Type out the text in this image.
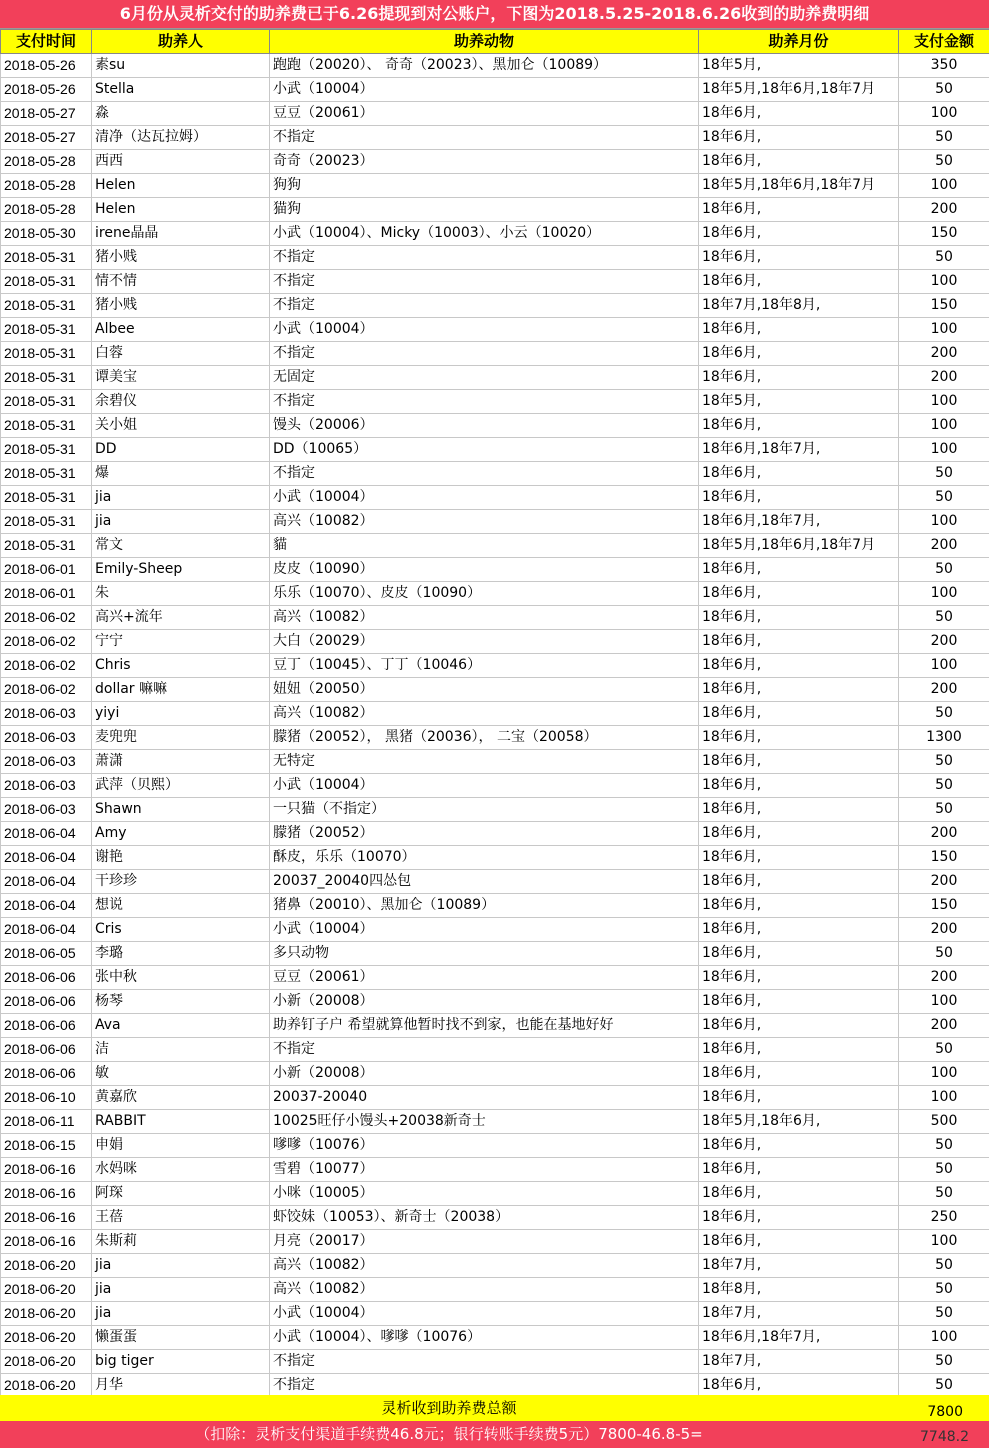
6月份从灵析交付的助养费已于6.26提现到对公账户，下图为2018.5.25-2018.6.26收到的助养费明细
支付时间	助养人	助养动物	助养月份	支付金额
2018-05-26	素su	跑跑（20020）、 奇奇（20023）、黑加仑（10089）	18年5月,	350
2018-05-26	Stella	小武（10004）	18年5月,18年6月,18年7月	50
2018-05-27	淼	豆豆（20061）	18年6月,	100
2018-05-27	清净（达瓦拉姆）	不指定	18年6月,	50
2018-05-28	西西	奇奇（20023）	18年6月,	50
2018-05-28	Helen	狗狗	18年5月,18年6月,18年7月	100
2018-05-28	Helen	猫狗	18年6月,	200
2018-05-30	irene晶晶	小武（10004）、Micky（10003）、小云（10020）	18年6月,	150
2018-05-31	猪小贱	不指定	18年6月,	50
2018-05-31	情不情	不指定	18年6月,	100
2018-05-31	猪小贱	不指定	18年7月,18年8月,	150
2018-05-31	Albee	小武（10004）	18年6月,	100
2018-05-31	白蓉	不指定	18年6月,	200
2018-05-31	谭美宝	无固定	18年6月,	200
2018-05-31	余碧仪	不指定	18年5月,	100
2018-05-31	关小姐	馒头（20006）	18年6月,	100
2018-05-31	DD	DD（10065）	18年6月,18年7月,	100
2018-05-31	爆	不指定	18年6月,	50
2018-05-31	jia	小武（10004）	18年6月,	50
2018-05-31	jia	高兴（10082）	18年6月,18年7月,	100
2018-05-31	常文	貓	18年5月,18年6月,18年7月	200
2018-06-01	Emily-Sheep	皮皮（10090）	18年6月,	50
2018-06-01	朱	乐乐（10070）、皮皮（10090）	18年6月,	100
2018-06-02	高兴+流年	高兴（10082）	18年6月,	50
2018-06-02	宁宁	大白（20029）	18年6月,	200
2018-06-02	Chris	豆丁（10045）、丁丁（10046）	18年6月,	100
2018-06-02	dollar 嘛嘛	妞妞（20050）	18年6月,	200
2018-06-03	yiyi	高兴（10082）	18年6月,	50
2018-06-03	麦兜兜	朦猪（20052）， 黑猪（20036）， 二宝（20058）	18年6月,	1300
2018-06-03	萧潇	无特定	18年6月,	50
2018-06-03	武萍（贝熙）	小武（10004）	18年6月,	50
2018-06-03	Shawn	一只猫（不指定）	18年6月,	50
2018-06-04	Amy	朦猪（20052）	18年6月,	200
2018-06-04	谢艳	酥皮，乐乐（10070）	18年6月,	150
2018-06-04	干珍珍	20037_20040四怂包	18年6月,	200
2018-06-04	想说	猪鼻（20010）、黑加仑（10089）	18年6月,	150
2018-06-04	Cris	小武（10004）	18年6月,	200
2018-06-05	李璐	多只动物	18年6月,	50
2018-06-06	张中秋	豆豆（20061）	18年6月,	200
2018-06-06	杨琴	小新（20008）	18年6月,	100
2018-06-06	Ava	助养钉子户 希望就算他暂时找不到家，也能在基地好好	18年6月,	200
2018-06-06	洁	不指定	18年6月,	50
2018-06-06	敏	小新（20008）	18年6月,	100
2018-06-10	黄嘉欣	20037-20040	18年6月,	100
2018-06-11	RABBIT	10025旺仔小馒头+20038新奇士	18年5月,18年6月,	500
2018-06-15	申娟	嗲嗲（10076）	18年6月,	50
2018-06-16	水妈咪	雪碧（10077）	18年6月,	50
2018-06-16	阿琛	小咪（10005）	18年6月,	50
2018-06-16	王蓓	虾饺妹（10053）、新奇士（20038）	18年6月,	250
2018-06-16	朱斯莉	月亮（20017）	18年6月,	100
2018-06-20	jia	高兴（10082）	18年7月,	50
2018-06-20	jia	高兴（10082）	18年8月,	50
2018-06-20	jia	小武（10004）	18年7月,	50
2018-06-20	懒蛋蛋	小武（10004）、嗲嗲（10076）	18年6月,18年7月,	100
2018-06-20	big tiger	不指定	18年7月,	50
2018-06-20	月华	不指定	18年6月,	50
灵析收到助养费总额	7800
（扣除：灵析支付渠道手续费46.8元；银行转账手续费5元）7800-46.8-5=	7748.2
